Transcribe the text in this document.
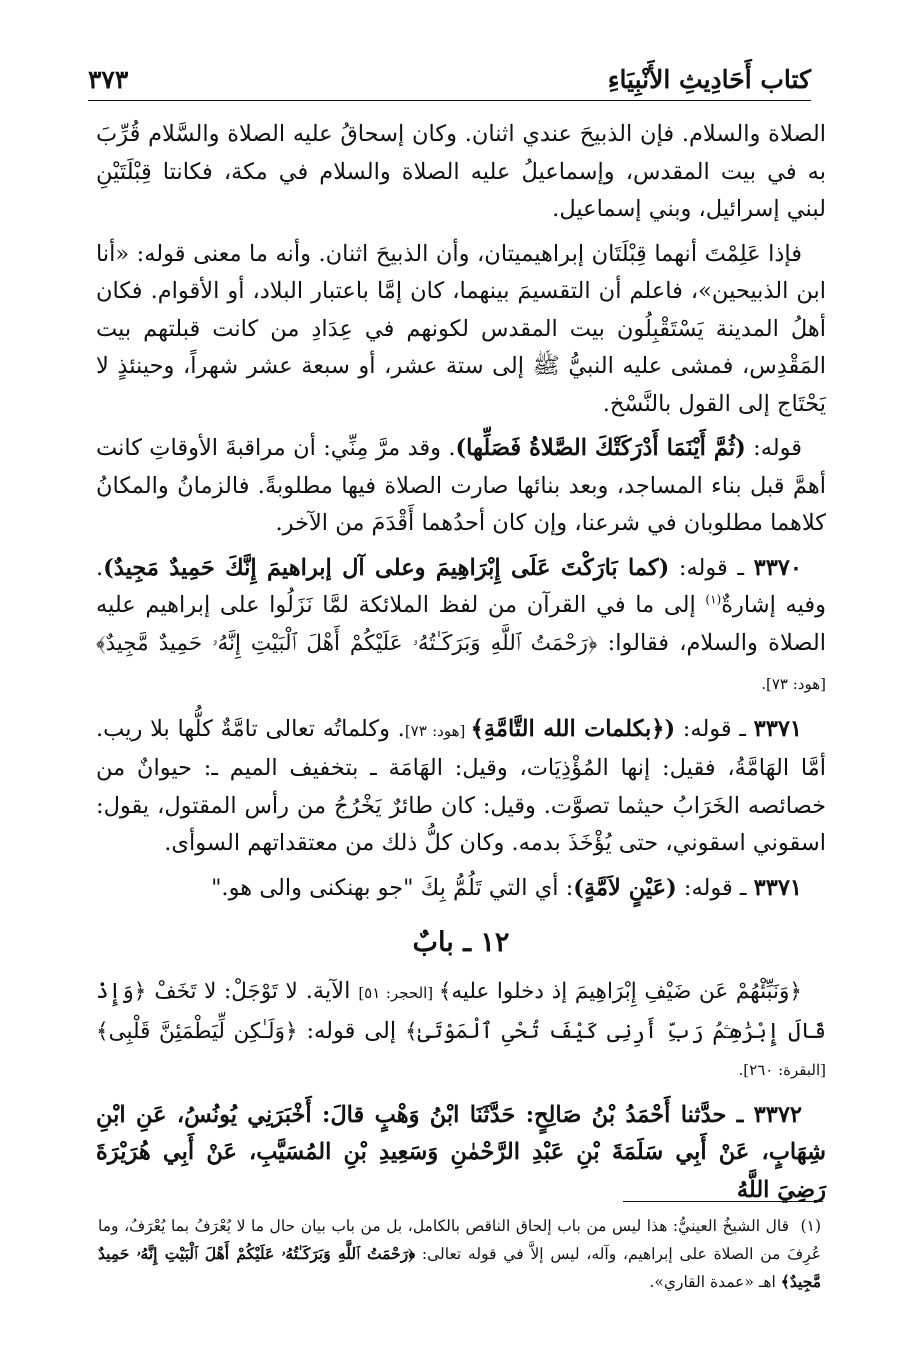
كتاب أَحَادِيثِ الأَنْبِيَاءِ
٣٧٣

الصلاة والسلام. فإن الذبيحَ عندي اثنان. وكان إسحاقُ عليه الصلاة والسَّلام قُرِّبَ به في بيت المقدس، وإسماعيلُ عليه الصلاة والسلام في مكة، فكانتا قِبْلَتَيْنِ لبني إسرائيل، وبني إسماعيل.

فإذا عَلِمْتَ أنهما قِبْلَتَان إبراهيميتان، وأن الذبيحَ اثنان. وأنه ما معنى قوله: «أنا ابن الذبيحين»، فاعلم أن التقسيمَ بينهما، كان إمَّا باعتبار البلاد، أو الأقوام. فكان أهلُ المدينة يَسْتَقْبِلُون بيت المقدس لكونهم في عِدَادِ من كانت قبلتهم بيت المَقْدِس، فمشى عليه النبيُّ ﷺ إلى ستة عشر، أو سبعة عشر شهراً، وحينئذٍ لا يَحْتَاج إلى القول بالنَّسْخ.

قوله: (ثُمَّ أَيْنَمَا أَدْرَكَتْكَ الصَّلاةُ فَصَلِّها). وقد مرَّ مِنِّي: أن مراقبةَ الأوقاتِ كانت أهمَّ قبل بناء المساجد، وبعد بنائها صارت الصلاة فيها مطلوبةً. فالزمانُ والمكانُ كلاهما مطلوبان في شرعنا، وإن كان أحدُهما أَقْدَمَ من الآخر.

٣٣٧٠ ـ قوله: (كما بَارَكْتَ عَلَى إِبْرَاهِيمَ وعلى آل إبراهيمَ إِنَّكَ حَمِيدٌ مَجِيدٌ). وفيه إشارةٌ$^{(١)}$ إلى ما في القرآن من لفظ الملائكة لمَّا نَزَلُوا على إبراهيم عليه الصلاة والسلام، فقالوا: ﴿رَحْمَتُ ٱللَّهِ وَبَرَكَـٰتُهُۥ عَلَيْكُمْ أَهْلَ ٱلْبَيْتِ إِنَّهُۥ حَمِيدٌ مَّجِيدٌ﴾ [هود: ٧٣].

٣٣٧١ ـ قوله: (﴿بكلمات الله التَّامَّةِ﴾ [هود: ٧٣]. وكلماتُه تعالى تامَّةٌ كلُّها بلا ريب. أمَّا الهَامَّةُ، فقيل: إنها المُؤْذِيَات، وقيل: الهَامَة ـ بتخفيف الميم ـ: حيوانٌ من خصائصه الخَرَابُ حيثما تصوَّت. وقيل: كان طائرٌ يَخْرُجُ من رأس المقتول، يقول: اسقوني اسقوني، حتى يُؤْخَذَ بدمه. وكان كلُّ ذلك من معتقداتهم السوأى.

٣٣٧١ ـ قوله: (عَيْنٍ لاَمَّةٍ): أي التي تَلُمُّ بِكَ "جو بهنكنى والى هو."

١٢ ـ بابٌ

﴿وَنَبِّئْهُمْ عَن ضَيْفِ إِبْرَاهِيمَ إذ دخلوا عليه﴾ [الحجر: ٥١] الآية. لا تَوْجَلْ: لا تَخَفْ ﴿وَإِذْ قَالَ إِبْرَٰهِـۧمُ رَبِّ أَرِنِى كَيْفَ تُحْىِ ٱلْمَوْتَىٰ﴾ إلى قوله: ﴿وَلَـٰكِن لِّيَطْمَئِنَّ قَلْبِى﴾ [البقرة: ٢٦٠].

٣٣٧٢ ـ حدَّثنا أَحْمَدُ بْنُ صَالِحٍ: حَدَّثَنَا ابْنُ وَهْبٍ قالَ: أَخْبَرَنِي يُونُسُ، عَنِ ابْنِ شِهَابٍ، عَنْ أَبِي سَلَمَةَ بْنِ عَبْدِ الرَّحْمٰنِ وَسَعِيدِ بْنِ المُسَيَّبِ، عَنْ أَبِي هُرَيْرَةَ رَضِيَ اللَّهُ

(١)قال الشيخُ العينيُّ: هذا ليس من باب إلحاق الناقص بالكامل، بل من باب بيان حال ما لا يُعْرَفُ بما يُعْرَفُ، وما عُرِفَ من الصلاة على إبراهيم، وآله، ليس إلاَّ في قوله تعالى: ﴿رَحْمَتُ ٱللَّهِ وَبَرَكَـٰتُهُۥ عَلَيْكُمْ أَهْلَ ٱلْبَيْتِ إِنَّهُۥ حَمِيدٌ مَّجِيدٌ﴾ اهـ «عمدة القاري».
